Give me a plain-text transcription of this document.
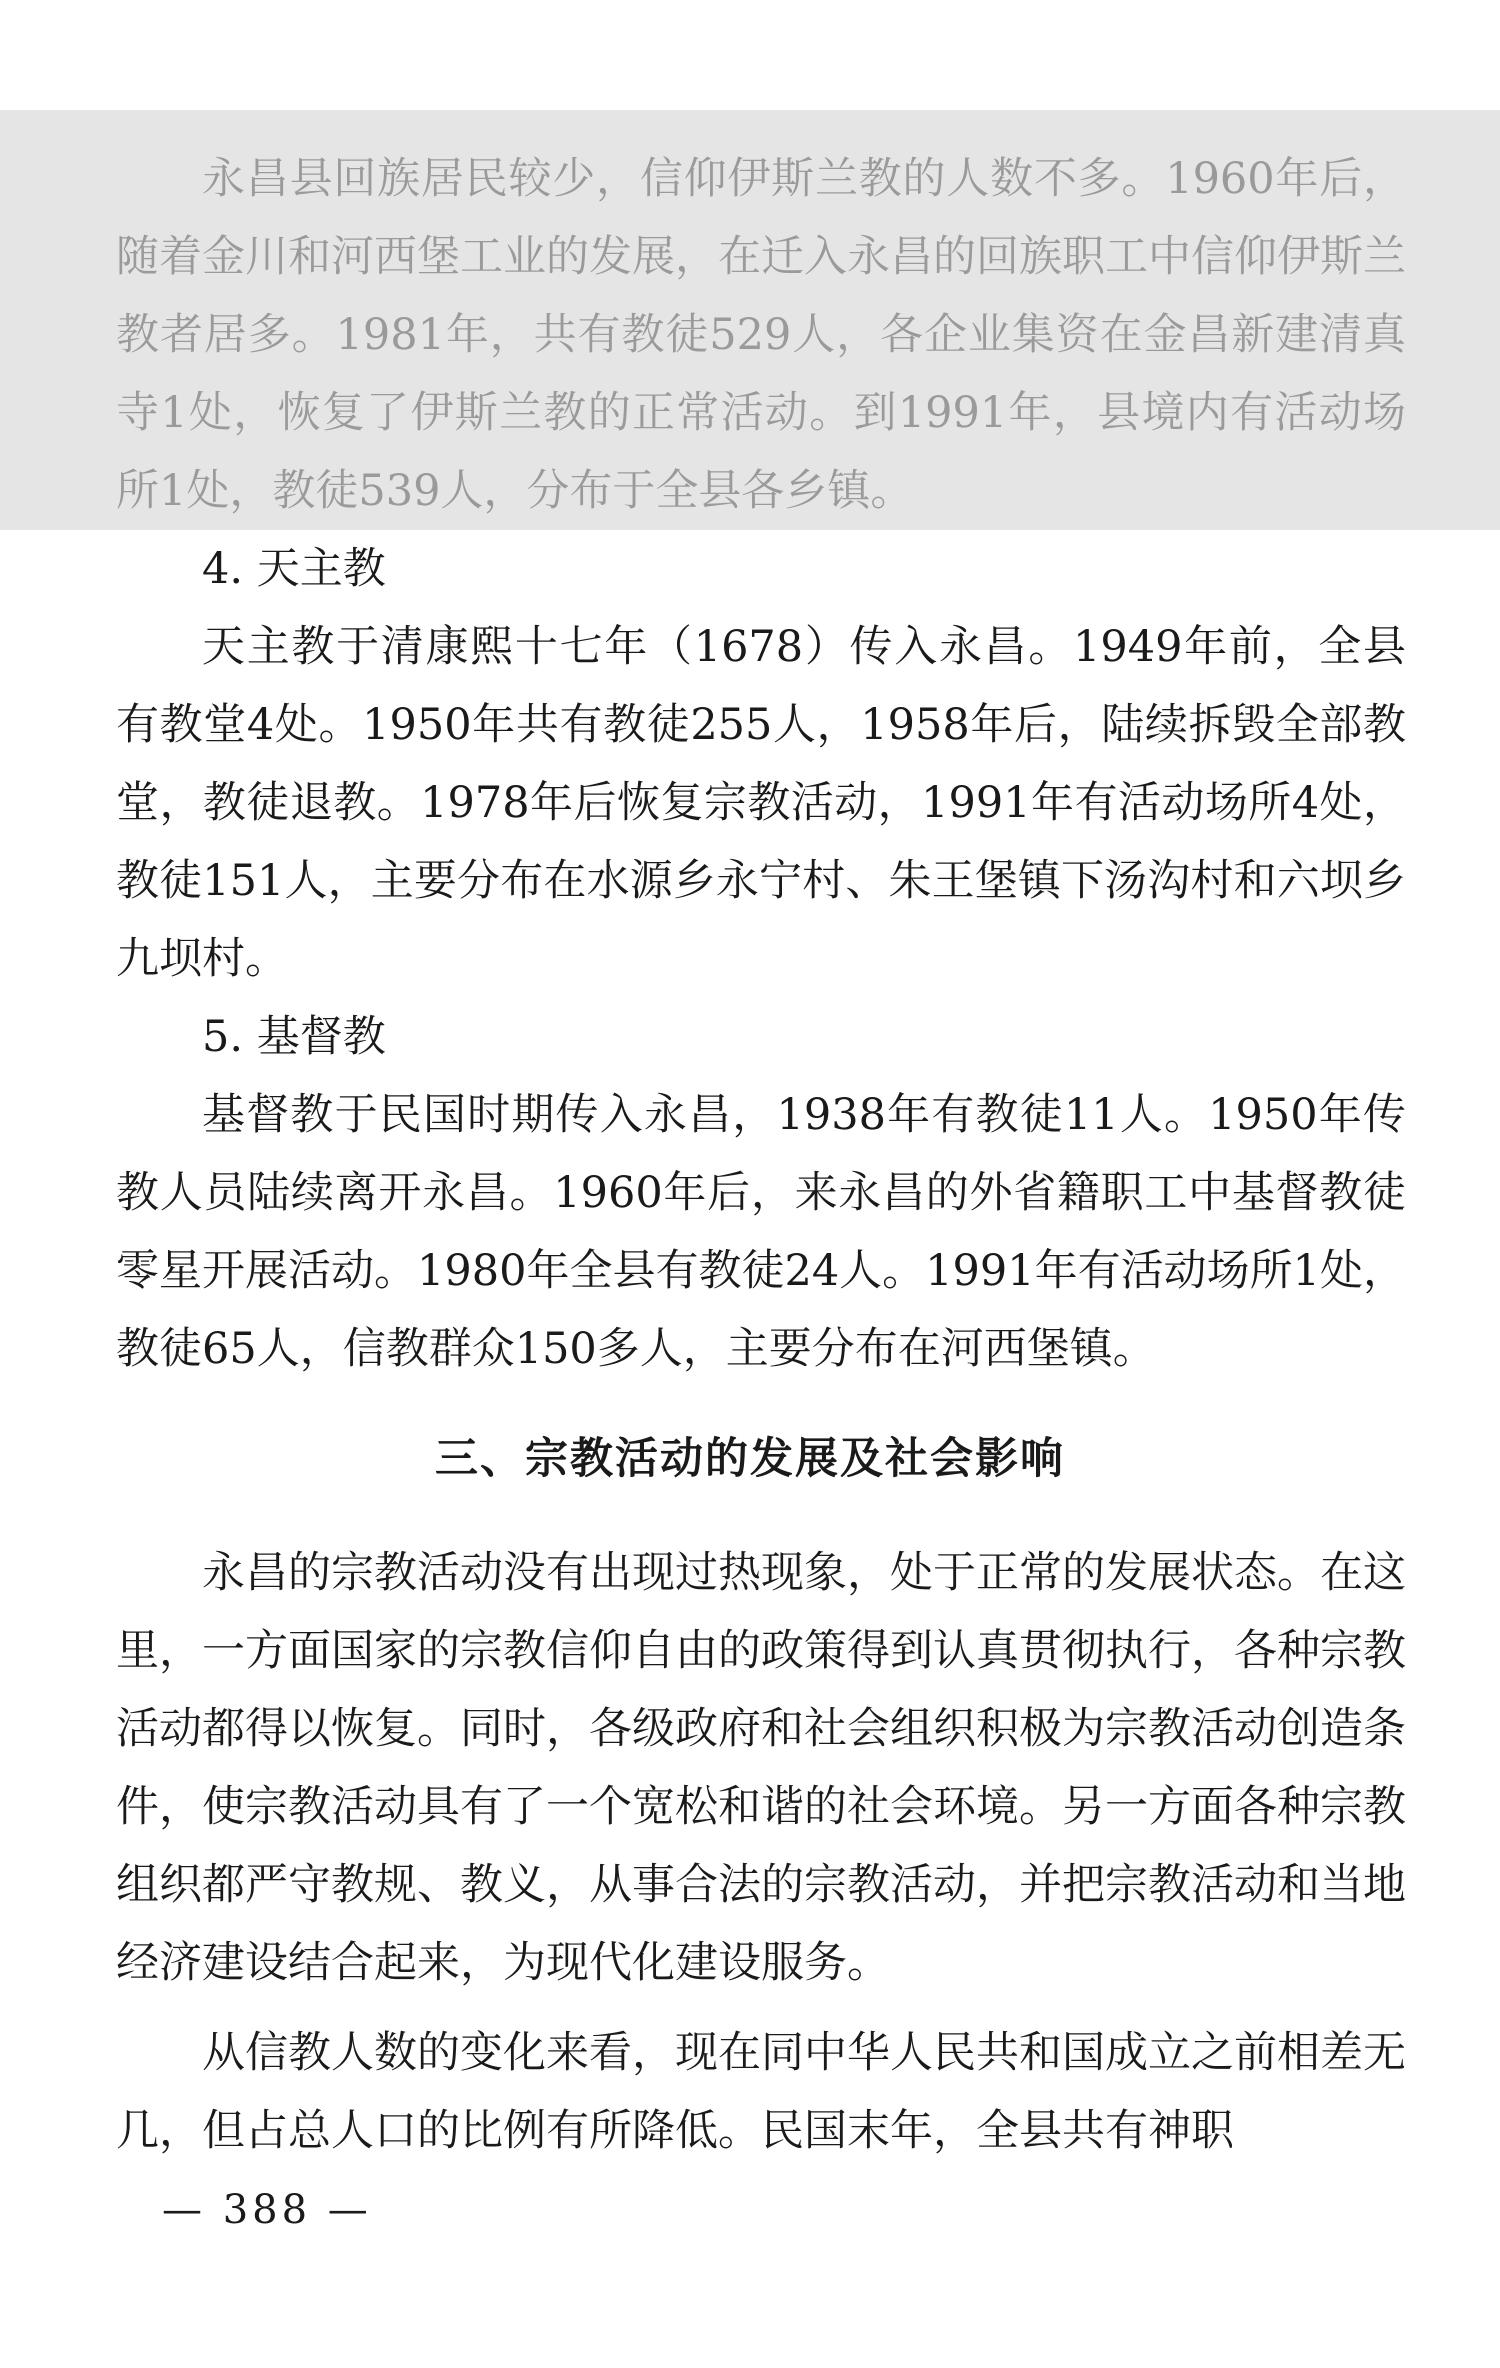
永昌县回族居民较少，信仰伊斯兰教的人数不多。1960年后，随着金川和河西堡工业的发展，在迁入永昌的回族职工中信仰伊斯兰教者居多。1981年，共有教徒529人，各企业集资在金昌新建清真寺1处，恢复了伊斯兰教的正常活动。到1991年，县境内有活动场所1处，教徒539人，分布于全县各乡镇。

4. 天主教

天主教于清康熙十七年（1678）传入永昌。1949年前，全县有教堂4处。1950年共有教徒255人，1958年后，陆续拆毁全部教堂，教徒退教。1978年后恢复宗教活动，1991年有活动场所4处，教徒151人，主要分布在水源乡永宁村、朱王堡镇下汤沟村和六坝乡九坝村。

5. 基督教

基督教于民国时期传入永昌，1938年有教徒11人。1950年传教人员陆续离开永昌。1960年后，来永昌的外省籍职工中基督教徒零星开展活动。1980年全县有教徒24人。1991年有活动场所1处，教徒65人，信教群众150多人，主要分布在河西堡镇。

三、宗教活动的发展及社会影响

永昌的宗教活动没有出现过热现象，处于正常的发展状态。在这里，一方面国家的宗教信仰自由的政策得到认真贯彻执行，各种宗教活动都得以恢复。同时，各级政府和社会组织积极为宗教活动创造条件，使宗教活动具有了一个宽松和谐的社会环境。另一方面各种宗教组织都严守教规、教义，从事合法的宗教活动，并把宗教活动和当地经济建设结合起来，为现代化建设服务。

从信教人数的变化来看，现在同中华人民共和国成立之前相差无几，但占总人口的比例有所降低。民国末年，全县共有神职

— 388 —
